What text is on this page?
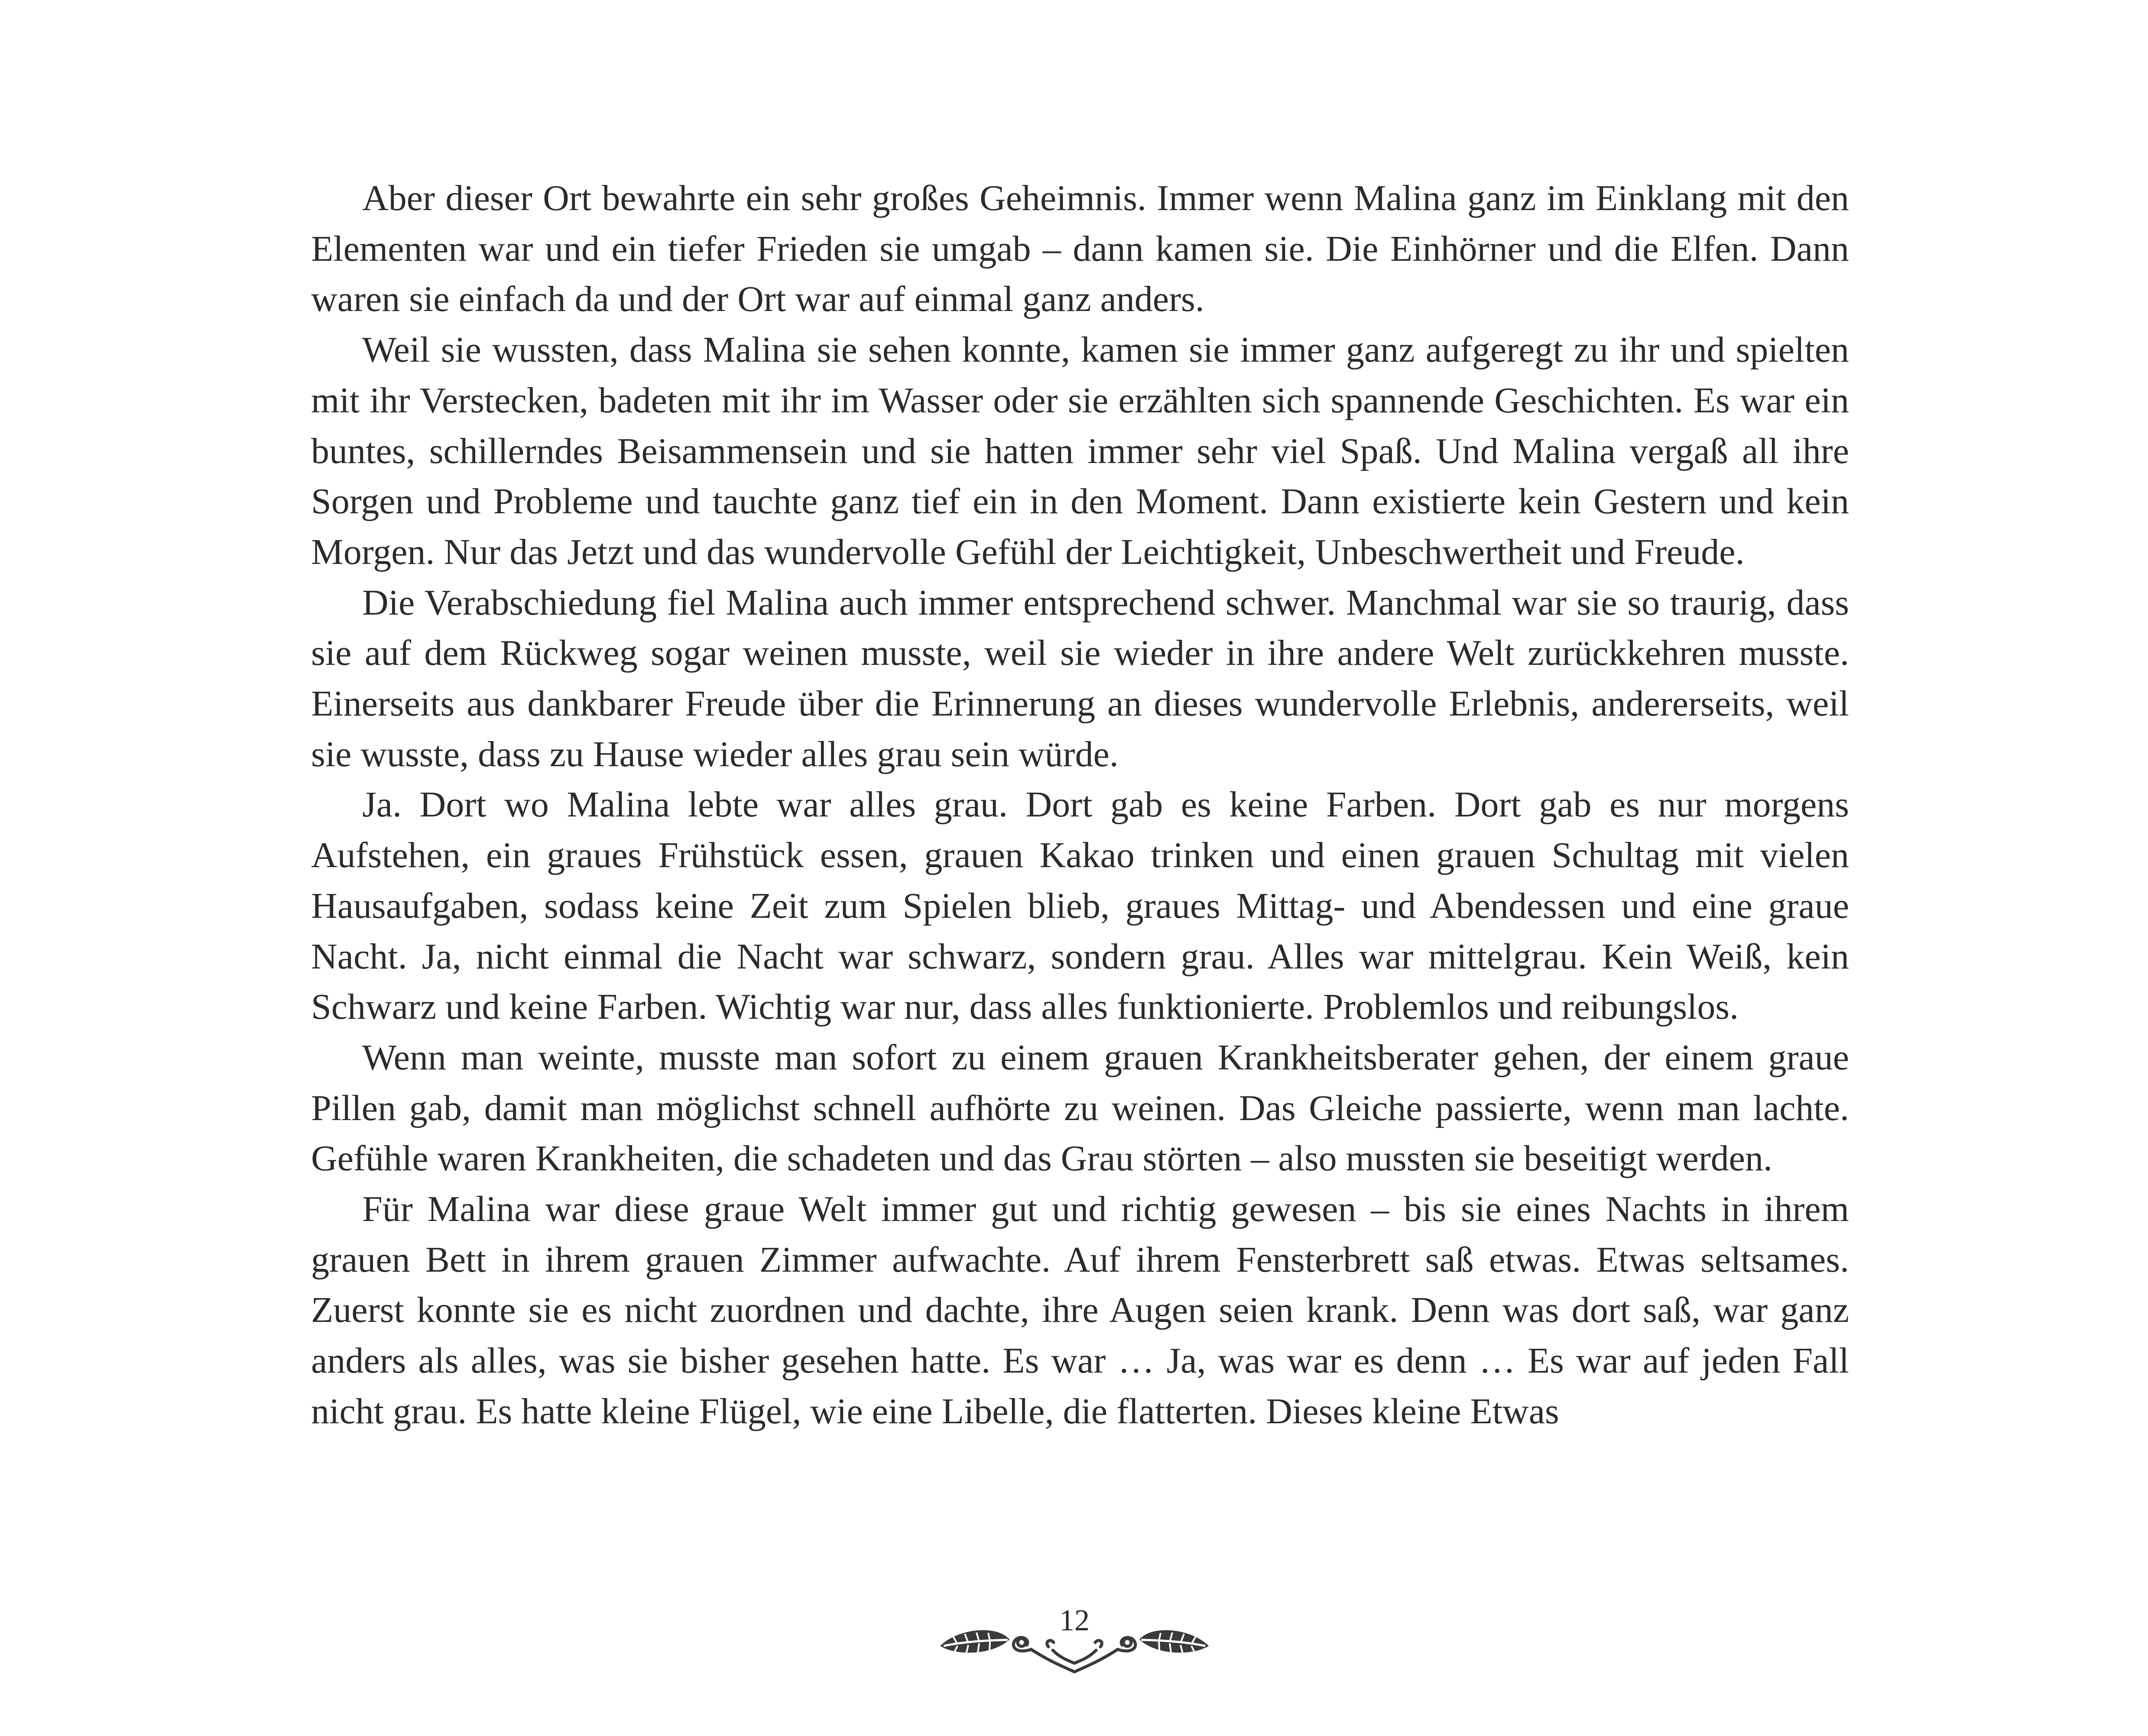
Aber dieser Ort bewahrte ein sehr großes Geheimnis. Immer wenn Malina ganz im Einklang mit den Elementen war und ein tiefer Frieden sie umgab – dann kamen sie. Die Einhörner und die Elfen. Dann waren sie einfach da und der Ort war auf einmal ganz anders.

Weil sie wussten, dass Malina sie sehen konnte, kamen sie immer ganz aufgeregt zu ihr und spielten mit ihr Verstecken, badeten mit ihr im Wasser oder sie erzählten sich spannende Geschichten. Es war ein buntes, schillerndes Beisammensein und sie hatten immer sehr viel Spaß. Und Malina vergaß all ihre Sorgen und Probleme und tauchte ganz tief ein in den Moment. Dann existierte kein Gestern und kein Morgen. Nur das Jetzt und das wundervolle Gefühl der Leichtigkeit, Unbeschwertheit und Freude.

Die Verabschiedung fiel Malina auch immer entsprechend schwer. Manchmal war sie so traurig, dass sie auf dem Rückweg sogar weinen musste, weil sie wieder in ihre andere Welt zurückkehren musste. Einerseits aus dankbarer Freude über die Erinnerung an dieses wundervolle Erlebnis, andererseits, weil sie wusste, dass zu Hause wieder alles grau sein würde.

Ja. Dort wo Malina lebte war alles grau. Dort gab es keine Farben. Dort gab es nur morgens Aufstehen, ein graues Frühstück essen, grauen Kakao trinken und einen grauen Schultag mit vielen Hausaufgaben, sodass keine Zeit zum Spielen blieb, graues Mittag- und Abendessen und eine graue Nacht. Ja, nicht einmal die Nacht war schwarz, sondern grau. Alles war mittelgrau. Kein Weiß, kein Schwarz und keine Farben. Wichtig war nur, dass alles funktionierte. Problemlos und reibungslos.

Wenn man weinte, musste man sofort zu einem grauen Krankheitsberater gehen, der einem graue Pillen gab, damit man möglichst schnell aufhörte zu weinen. Das Gleiche passierte, wenn man lachte. Gefühle waren Krankheiten, die schadeten und das Grau störten – also mussten sie beseitigt werden.

Für Malina war diese graue Welt immer gut und richtig gewesen – bis sie eines Nachts in ihrem grauen Bett in ihrem grauen Zimmer aufwachte. Auf ihrem Fensterbrett saß etwas. Etwas seltsames. Zuerst konnte sie es nicht zuordnen und dachte, ihre Augen seien krank. Denn was dort saß, war ganz anders als alles, was sie bisher gesehen hatte. Es war … Ja, was war es denn … Es war auf jeden Fall nicht grau. Es hatte kleine Flügel, wie eine Libelle, die flatterten. Dieses kleine Etwas

12
